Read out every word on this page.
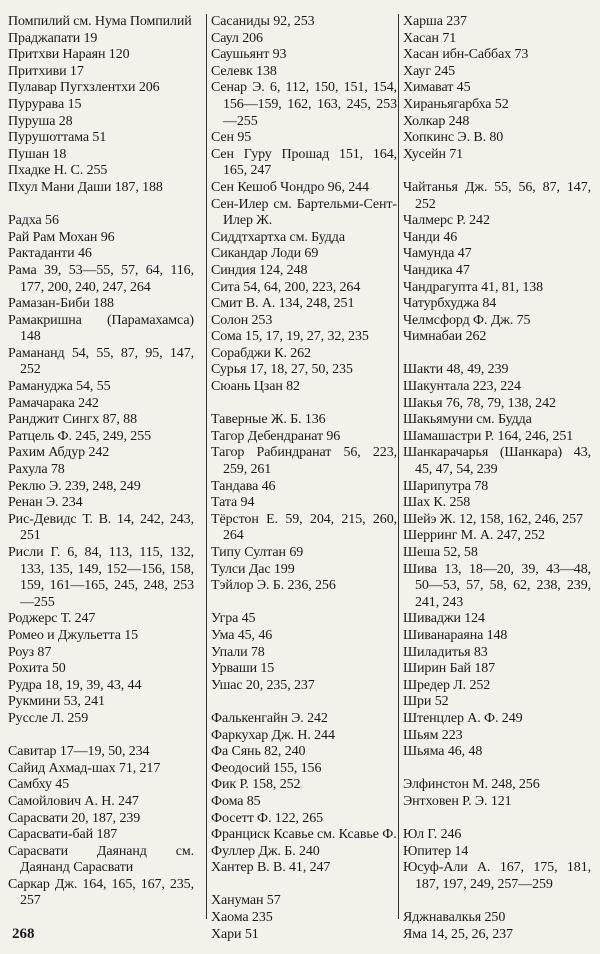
Помпилий см. Нума Помпилий
Праджапати 19
Притхви Нараян 120
Притхиви 17
Пулавар Пугхзлентхи 206
Пуруравa 15
Пуруша 28
Пурушоттама 51
Пушан 18
Пхадке Н. С. 255
Пхул Мани Даши 187, 188
Радха 56
Рай Рам Мохан 96
Рактаданти 46
Рама 39, 53—55, 57, 64, 116, 177, 200, 240, 247, 264
Рамазан-Биби 188
Рамакришна (Парамахамса) 148
Рамананд 54, 55, 87, 95, 147, 252
Рамануджа 54, 55
Рамачарака 242
Ранджит Сингх 87, 88
Ратцель Ф. 245, 249, 255
Рахим Абдур 242
Рахула 78
Реклю Э. 239, 248, 249
Ренан Э. 234
Рис-Девидс Т. В. 14, 242, 243, 251
Рисли Г. 6, 84, 113, 115, 132, 133, 135, 149, 152—156, 158, 159, 161—165, 245, 248, 253—255
Роджерс Т. 247
Ромео и Джульетта 15
Роуз 87
Рохита 50
Рудра 18, 19, 39, 43, 44
Рукмини 53, 241
Руссле Л. 259
Савитар 17—19, 50, 234
Сайид Ахмад-шах 71, 217
Самбху 45
Самойлович А. Н. 247
Сарасвати 20, 187, 239
Сарасвати-бай 187
Сарасвати Даянанд см. Даянанд Сарасвати
Саркар Дж. 164, 165, 167, 235, 257
Сасаниды 92, 253
Саул 206
Саушьянт 93
Селевк 138
Сенар Э. 6, 112, 150, 151, 154, 156—159, 162, 163, 245, 253—255
Сен 95
Сен Гуру Прошад 151, 164, 165, 247
Сен Кешоб Чондро 96, 244
Сен-Илер см. Бартельми-Сент-Илер Ж.
Сиддтхартха см. Будда
Сикандар Лоди 69
Синдия 124, 248
Сита 54, 64, 200, 223, 264
Смит В. А. 134, 248, 251
Солон 253
Сома 15, 17, 19, 27, 32, 235
Сорабджи К. 262
Сурья 17, 18, 27, 50, 235
Сюань Цзан 82
Таверные Ж. Б. 136
Тагор Дебендранат 96
Тагор Рабиндранат 56, 223, 259, 261
Тандава 46
Тата 94
Тёрстон Е. 59, 204, 215, 260, 264
Типу Султан 69
Тулси Дас 199
Тэйлор Э. Б. 236, 256
Угра 45
Ума 45, 46
Упали 78
Урваши 15
Ушас 20, 235, 237
Фалькенгайн Э. 242
Фаркухар Дж. Н. 244
Фа Сянь 82, 240
Феодосий 155, 156
Фик Р. 158, 252
Фома 85
Фосетт Ф. 122, 265
Франциск Ксавье см. Ксавье Ф.
Фуллер Дж. Б. 240
Хантер В. В. 41, 247
Хануман 57
Хаома 235
Хари 51
Харша 237
Хасан 71
Хасан ибн-Саббах 73
Хауг 245
Химават 45
Хираньягарбха 52
Холкар 248
Хопкинс Э. В. 80
Хусейн 71
Чайтанья Дж. 55, 56, 87, 147, 252
Чалмерс Р. 242
Чанди 46
Чамунда 47
Чандика 47
Чандрагупта 41, 81, 138
Чатурбхуджа 84
Челмсфорд Ф. Дж. 75
Чимнабаи 262
Шакти 48, 49, 239
Шакунтала 223, 224
Шакья 76, 78, 79, 138, 242
Шакьямуни см. Будда
Шамашастри Р. 164, 246, 251
Шанкарачарья (Шанкара) 43, 45, 47, 54, 239
Шарипутра 78
Шах К. 258
Шейэ Ж. 12, 158, 162, 246, 257
Шерринг М. А. 247, 252
Шеша 52, 58
Шива 13, 18—20, 39, 43—48, 50—53, 57, 58, 62, 238, 239, 241, 243
Шиваджи 124
Шиванараяна 148
Шиладитья 83
Ширин Бай 187
Шредер Л. 252
Шри 52
Штенцлер А. Ф. 249
Шьям 223
Шьяма 46, 48
Элфинстон М. 248, 256
Энтховен Р. Э. 121
Юл Г. 246
Юпитер 14
Юсуф-Али А. 167, 175, 181, 187, 197, 249, 257—259
Яджнавалкья 250
Яма 14, 25, 26, 237
268
